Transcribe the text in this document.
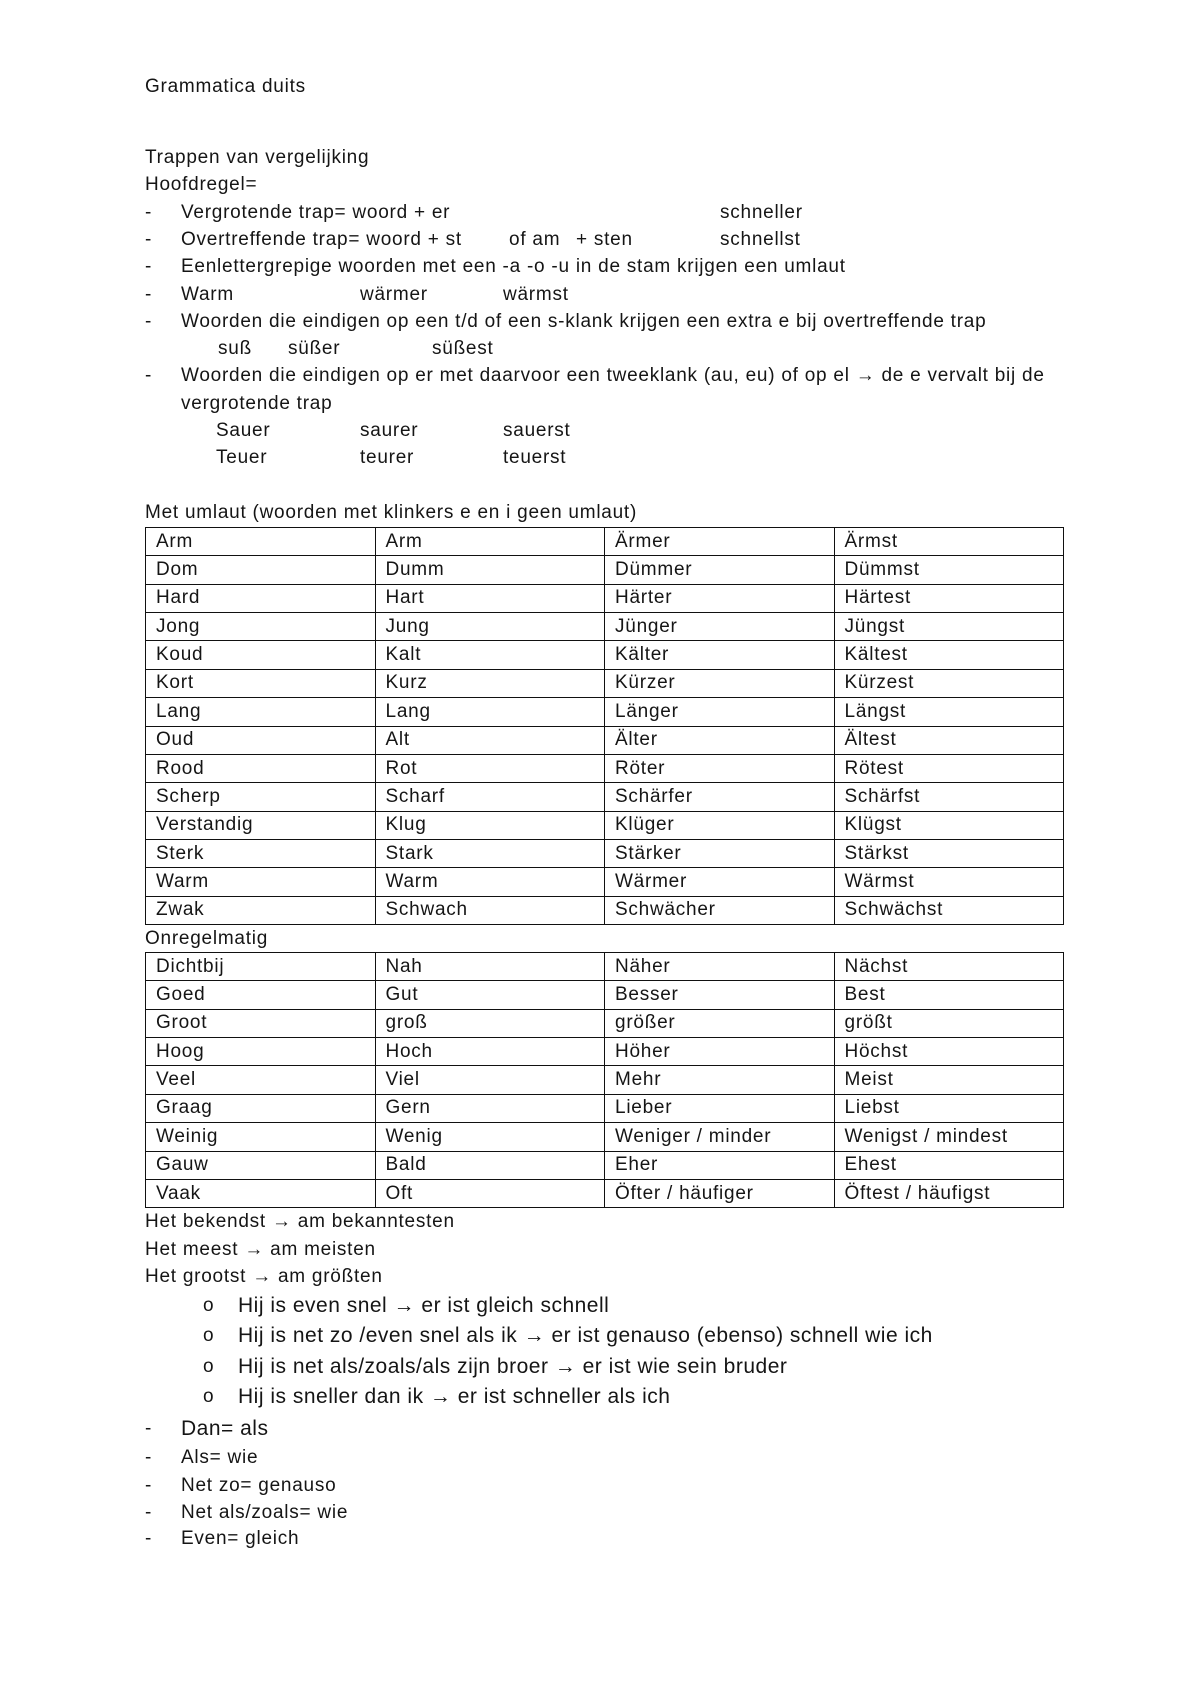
Grammatica duits
Trappen van vergelijking
Hoofdregel=
- Vergrotende trap= woord + er	schneller
- Overtreffende trap= woord + st of am + sten	schnellst
- Eenlettergrepige woorden met een -a -o -u in de stam krijgen een umlaut
- Warm	wärmer	wärmst
- Woorden die eindigen op een t/d of een s-klank krijgen een extra e bij overtreffende trap
suß süßer	süßest
- Woorden die eindigen op er met daarvoor een tweeklank (au, eu) of op el → de e vervalt bij de
vergrotende trap
Sauer	saurer	sauerst
Teuer	teurer	teuerst
Met umlaut (woorden met klinkers e en i geen umlaut)
Arm	Arm	Ärmer	Ärmst
Dom	Dumm	Dümmer	Dümmst
Hard	Hart	Härter	Härtest
Jong	Jung	Jünger	Jüngst
Koud	Kalt	Kälter	Kältest
Kort	Kurz	Kürzer	Kürzest
Lang	Lang	Länger	Längst
Oud	Alt	Älter	Ältest
Rood	Rot	Röter	Rötest
Scherp	Scharf	Schärfer	Schärfst
Verstandig	Klug	Klüger	Klügst
Sterk	Stark	Stärker	Stärkst
Warm	Warm	Wärmer	Wärmst
Zwak	Schwach	Schwächer	Schwächst
Onregelmatig
Dichtbij	Nah	Näher	Nächst
Goed	Gut	Besser	Best
Groot	groß	größer	größt
Hoog	Hoch	Höher	Höchst
Veel	Viel	Mehr	Meist
Graag	Gern	Lieber	Liebst
Weinig	Wenig	Weniger / minder	Wenigst / mindest
Gauw	Bald	Eher	Ehest
Vaak	Oft	Öfter / häufiger	Öftest / häufigst
Het bekendst → am bekanntesten
Het meest → am meisten
Het grootst → am größten
o Hij is even snel → er ist gleich schnell
o Hij is net zo /even snel als ik → er ist genauso (ebenso) schnell wie ich
o Hij is net als/zoals/als zijn broer → er ist wie sein bruder
o Hij is sneller dan ik → er ist schneller als ich
- Dan= als
- Als= wie
- Net zo= genauso
- Net als/zoals= wie
- Even= gleich
